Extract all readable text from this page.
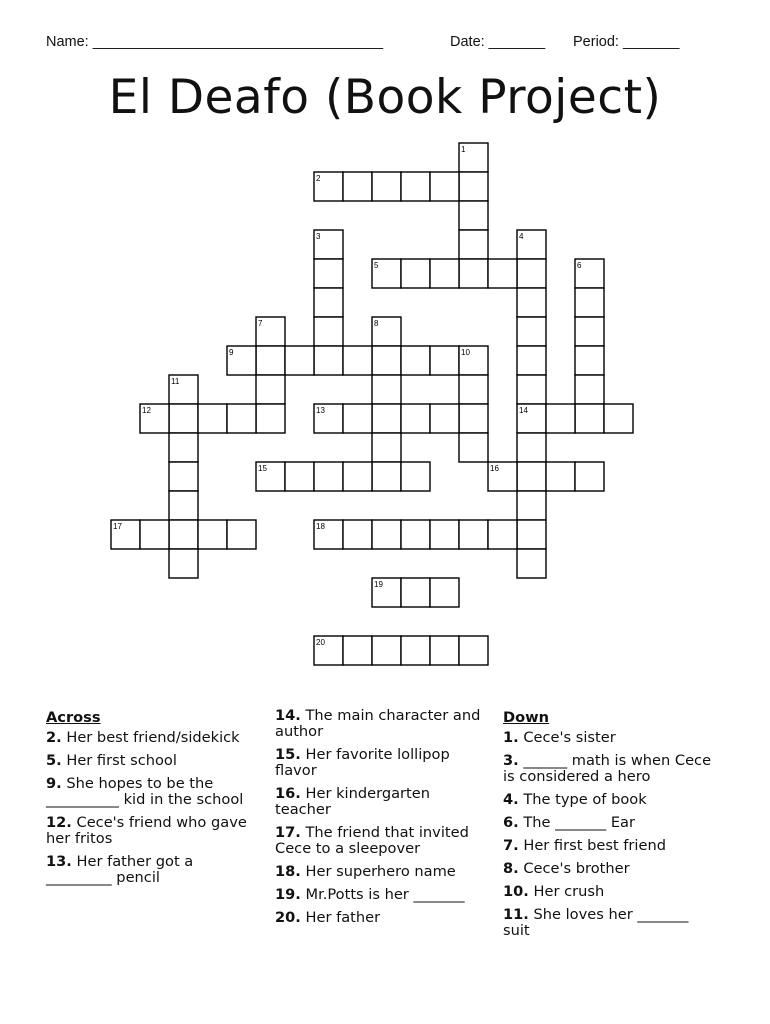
Name: ____________________________________	Date: _______ Period: _______
El Deafo (Book Project)
1
2
3	4
5	6
7	8
9	10
11
12	13	14
15	16
17	18
19
20
Across
2. Her best friend/sidekick
5. Her first school
9. She hopes to be the __________ kid in the school
12. Cece's friend who gave her fritos
13. Her father got a _________ pencil
14. The main character and author
15. Her favorite lollipop flavor
16. Her kindergarten teacher
17. The friend that invited Cece to a sleepover
18. Her superhero name
19. Mr.Potts is her _______
20. Her father
Down
1. Cece's sister
3. ______ math is when Cece is considered a hero
4. The type of book
6. The _______ Ear
7. Her first best friend
8. Cece's brother
10. Her crush
11. She loves her _______ suit
